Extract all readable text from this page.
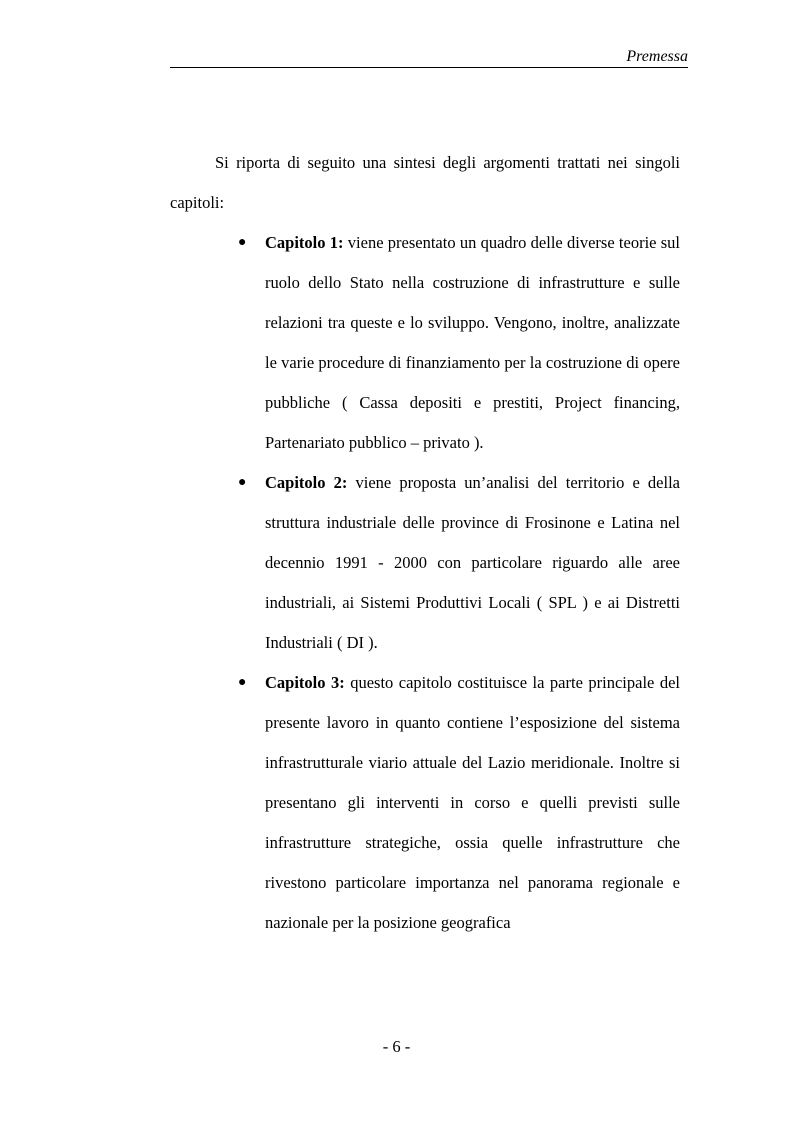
Premessa

Si riporta di seguito una sintesi degli argomenti trattati nei singoli capitoli:

● Capitolo 1: viene presentato un quadro delle diverse teorie sul ruolo dello Stato nella costruzione di infrastrutture e sulle relazioni tra queste e lo sviluppo. Vengono, inoltre, analizzate le varie procedure di finanziamento per la costruzione di opere pubbliche ( Cassa depositi e prestiti, Project financing, Partenariato pubblico – privato ).
● Capitolo 2: viene proposta un’analisi del territorio e della struttura industriale delle province di Frosinone e Latina nel decennio 1991 - 2000 con particolare riguardo alle aree industriali, ai Sistemi Produttivi Locali ( SPL ) e ai Distretti Industriali ( DI ).
● Capitolo 3: questo capitolo costituisce la parte principale del presente lavoro in quanto contiene l’esposizione del sistema infrastrutturale viario attuale del Lazio meridionale. Inoltre si presentano gli interventi in corso e quelli previsti sulle infrastrutture strategiche, ossia quelle infrastrutture che rivestono particolare importanza nel panorama regionale e nazionale per la posizione geografica
- 6 -
